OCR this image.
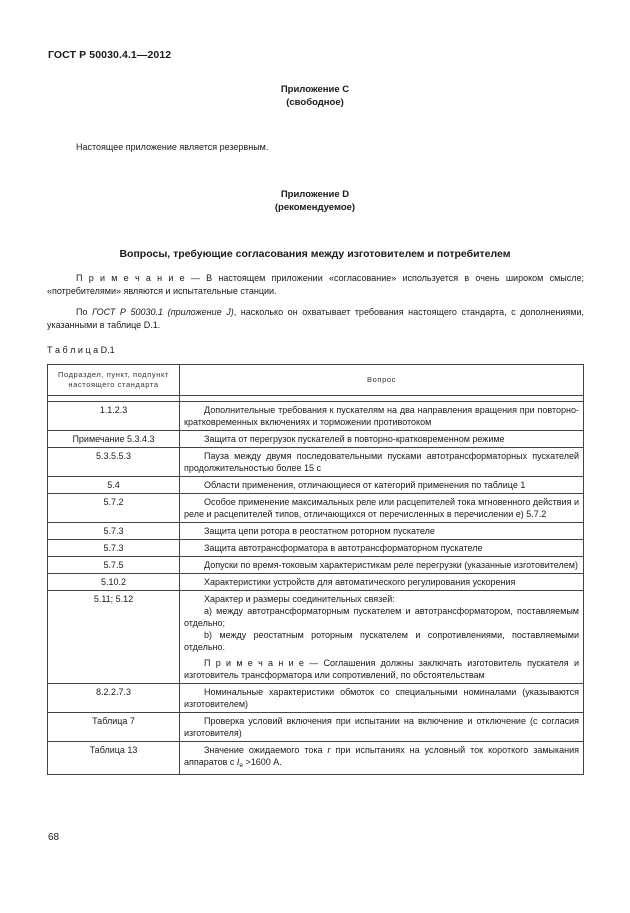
ГОСТ Р 50030.4.1—2012
Приложение С
(свободное)
Настоящее приложение является резервным.
Приложение D
(рекомендуемое)
Вопросы, требующие согласования между изготовителем и потребителем
П р и м е ч а н и е — В настоящем приложении «согласование» используется в очень широком смысле; «потребителями» являются и испытательные станции.
По ГОСТ Р 50030.1 (приложение J), насколько он охватывает требования настоящего стандарта, с дополнениями, указанными в таблице D.1.
Т а б л и ц а D.1
Подраздел, пункт, подпункт настоящего стандарта	Вопрос

1.1.2.3	Дополнительные требования к пускателям на два направления вращения при повторно-кратковременных включениях и торможении противотоком

Примечание 5.3.4.3	Защита от перегрузок пускателей в повторно-кратковременном режиме

5.3.5.5.3	Пауза между двумя последовательными пусками автотрансформаторных пускателей продолжительностью более 15 с

5.4	Области применения, отличающиеся от категорий применения по таблице 1

5.7.2	Особое применение максимальных реле или расцепителей тока мгновенного действия и реле и расцепителей типов, отличающихся от перечисленных в перечислении е) 5.7.2

5.7.3	Защита цепи ротора в реостатном роторном пускателе

5.7.3	Защита автотрансформатора в автотрансформаторном пускателе

5.7.5	Допуски по время-токовым характеристикам реле перегрузки (указанные изготовителем)

5.10.2	Характеристики устройств для автоматического регулирования ускорения

5.11; 5.12	Характер и размеры соединительных связей:

а) между автотрансформаторным пускателем и автотрансформатором, поставляемым отдельно;

b) между реостатным роторным пускателем и сопротивлениями, поставляемыми отдельно.

П р и м е ч а н и е — Соглашения должны заключать изготовитель пускателя и изготовитель трансформатора или сопротивлений, по обстоятельствам

8.2.2.7.3	Номинальные характеристики обмоток со специальными номиналами (указываются изготовителем)

Таблица 7	Проверка условий включения при испытании на включение и отключение (с согласия изготовителя)

Таблица 13	Значение ожидаемого тока r при испытаниях на условный ток короткого замыкания аппаратов с $I_e >1600$ А.

68
